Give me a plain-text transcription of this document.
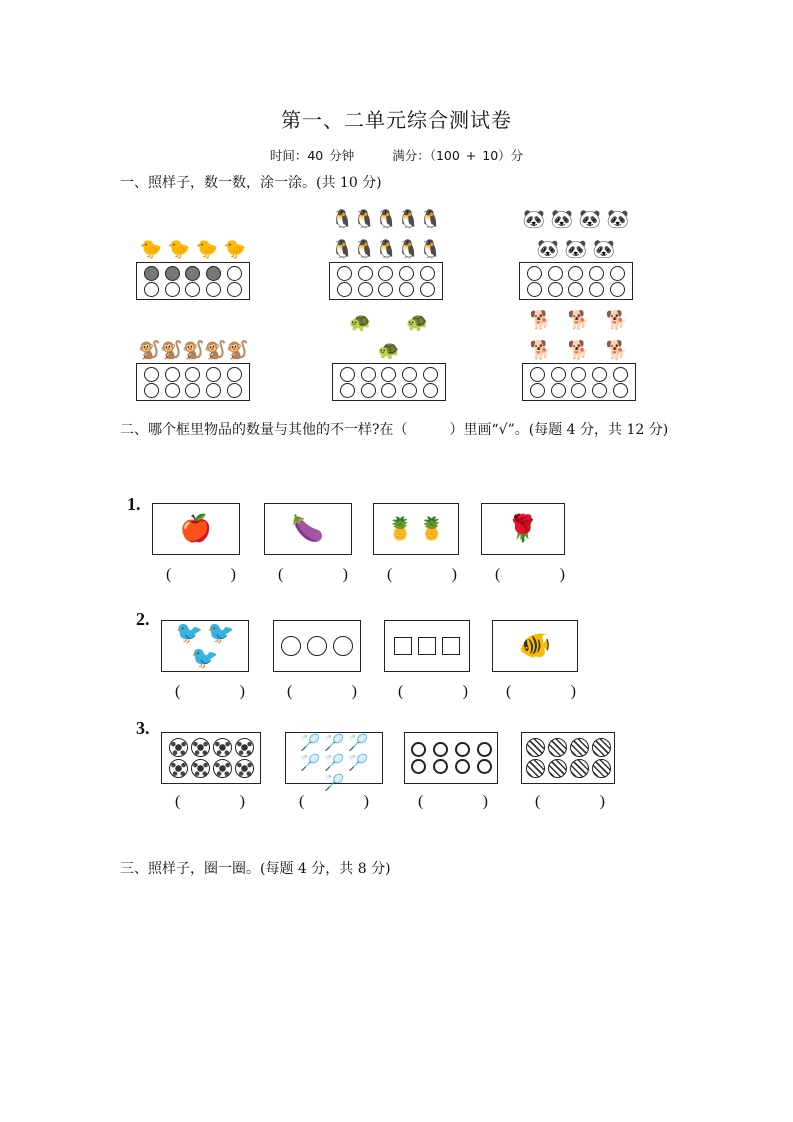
第一、二单元综合测试卷
时间：40 分钟	满分：（100 + 10）分
一、照样子，数一数，涂一涂。(共 10 分)
🐤 🐤 🐤 🐤
🐧 🐧 🐧 🐧 🐧
🐧 🐧 🐧 🐧 🐧
🐼 🐼 🐼 🐼
🐼 🐼 🐼
🐒 🐒 🐒 🐒 🐒
🐢	🐢
🐢
🐕 🐕 🐕
🐕 🐕 🐕
二、哪个框里物品的数量与其他的不一样?在（　　　）里画“√”。(每题 4 分，共 12 分)
1.
🍎
(	)
🍆
(	)
🍍 🍍
(	)
🌹
(	)
2.
🐦 🐦
🐦
(	)	(	)	(	)
🐠
(	)
3.
(	)
🏸 🏸 🏸
🏸 🏸 🏸
🏸
(	)	(	)	(	)
三、照样子，圈一圈。(每题 4 分，共 8 分)
